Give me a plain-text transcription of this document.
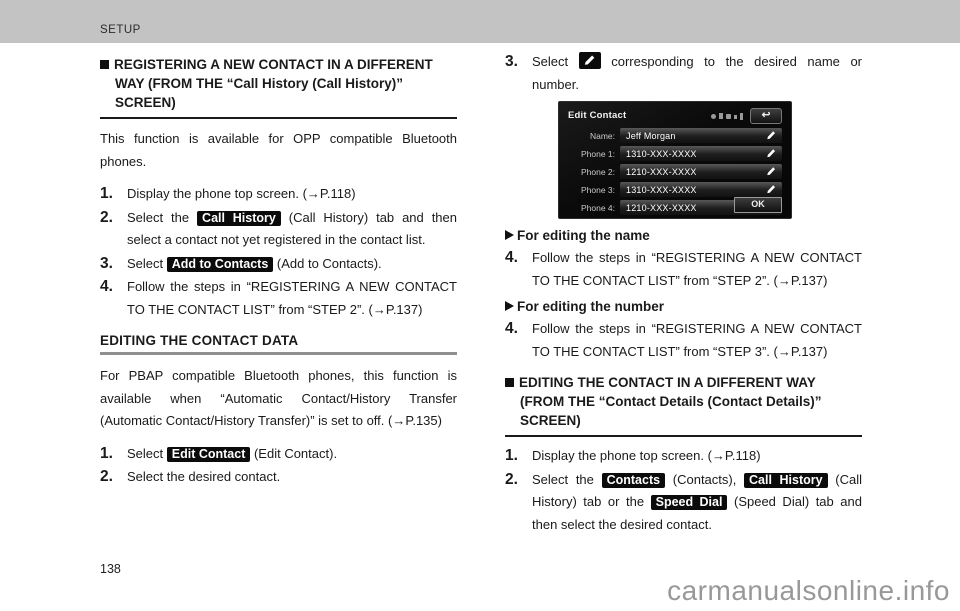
SETUP
REGISTERING A NEW CONTACT IN A DIFFERENT WAY (FROM THE “Call History (Call History)” SCREEN)

This function is available for OPP compatible Bluetooth phones.

1.	Display the phone top screen. (→P.118)
2.	Select the Call History (Call History) tab and then select a contact not yet registered in the contact list.
3.	Select Add to Contacts (Add to Contacts).
4.	Follow the steps in “REGISTERING A NEW CONTACT TO THE CONTACT LIST” from “STEP 2”. (→P.137)
EDITING THE CONTACT DATA

For PBAP compatible Bluetooth phones, this function is available when “Automatic Contact/History Transfer (Automatic Contact/History Transfer)” is set to off. (→P.135)

1.	Select Edit Contact (Edit Contact).
2.	Select the desired contact.
3.	Select
corresponding to the desired name or number.
Edit Contact
↩
Name:	Jeff Morgan
Phone 1:	1310-XXX-XXXX
Phone 2:	1210-XXX-XXXX
Phone 3:	1310-XXX-XXXX
Phone 4:	1210-XXX-XXXX	OK
For editing the name
4.	Follow the steps in “REGISTERING A NEW CONTACT TO THE CONTACT LIST” from “STEP 2”. (→P.137)
For editing the number
4.	Follow the steps in “REGISTERING A NEW CONTACT TO THE CONTACT LIST” from “STEP 3”. (→P.137)
EDITING THE CONTACT IN A DIFFERENT WAY (FROM THE “Contact Details (Contact Details)” SCREEN)
1.	Display the phone top screen. (→P.118)
2.	Select the Contacts (Contacts), Call History (Call History) tab or the Speed Dial (Speed Dial) tab and then select the desired contact.
138
carmanualsonline.info
